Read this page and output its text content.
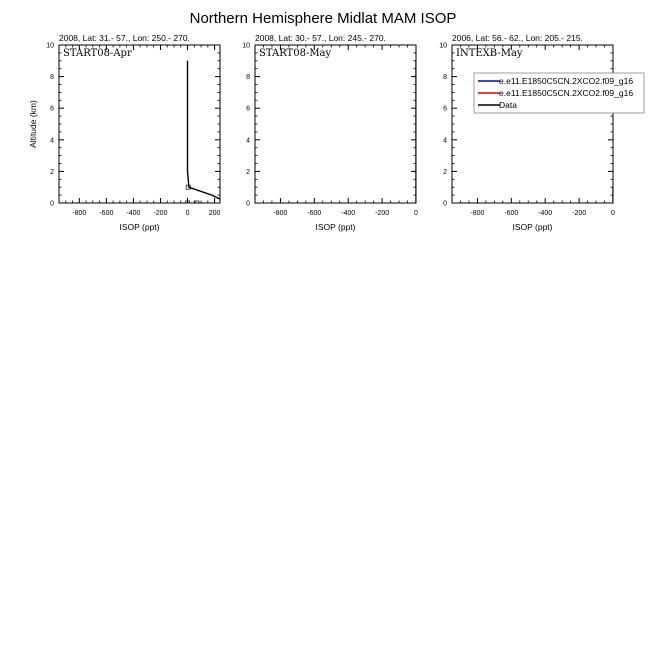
Northern Hemisphere Midlat MAM ISOP
2008, Lat: 31.- 57., Lon: 250.- 270.
START08-Apr
0
2
4
6
8
10
-800 -600 -400 -200	0	200
ISOP (ppt)
Altitude (km)
2008, Lat: 30.- 57., Lon: 245.- 270.
START08-May
0
2
4
6
8
10
-800	-600	-400	-200	0
ISOP (ppt)
2006, Lat: 56.- 62., Lon: 205.- 215.
INTEXB-May
0
2
4
6
8
10
-800	-600	-400	-200	0
ISOP (ppt)
e.e11.E1850C5CN.2XCO2.f09_g16
e.e11.E1850C5CN.2XCO2.f09_g16
Data
